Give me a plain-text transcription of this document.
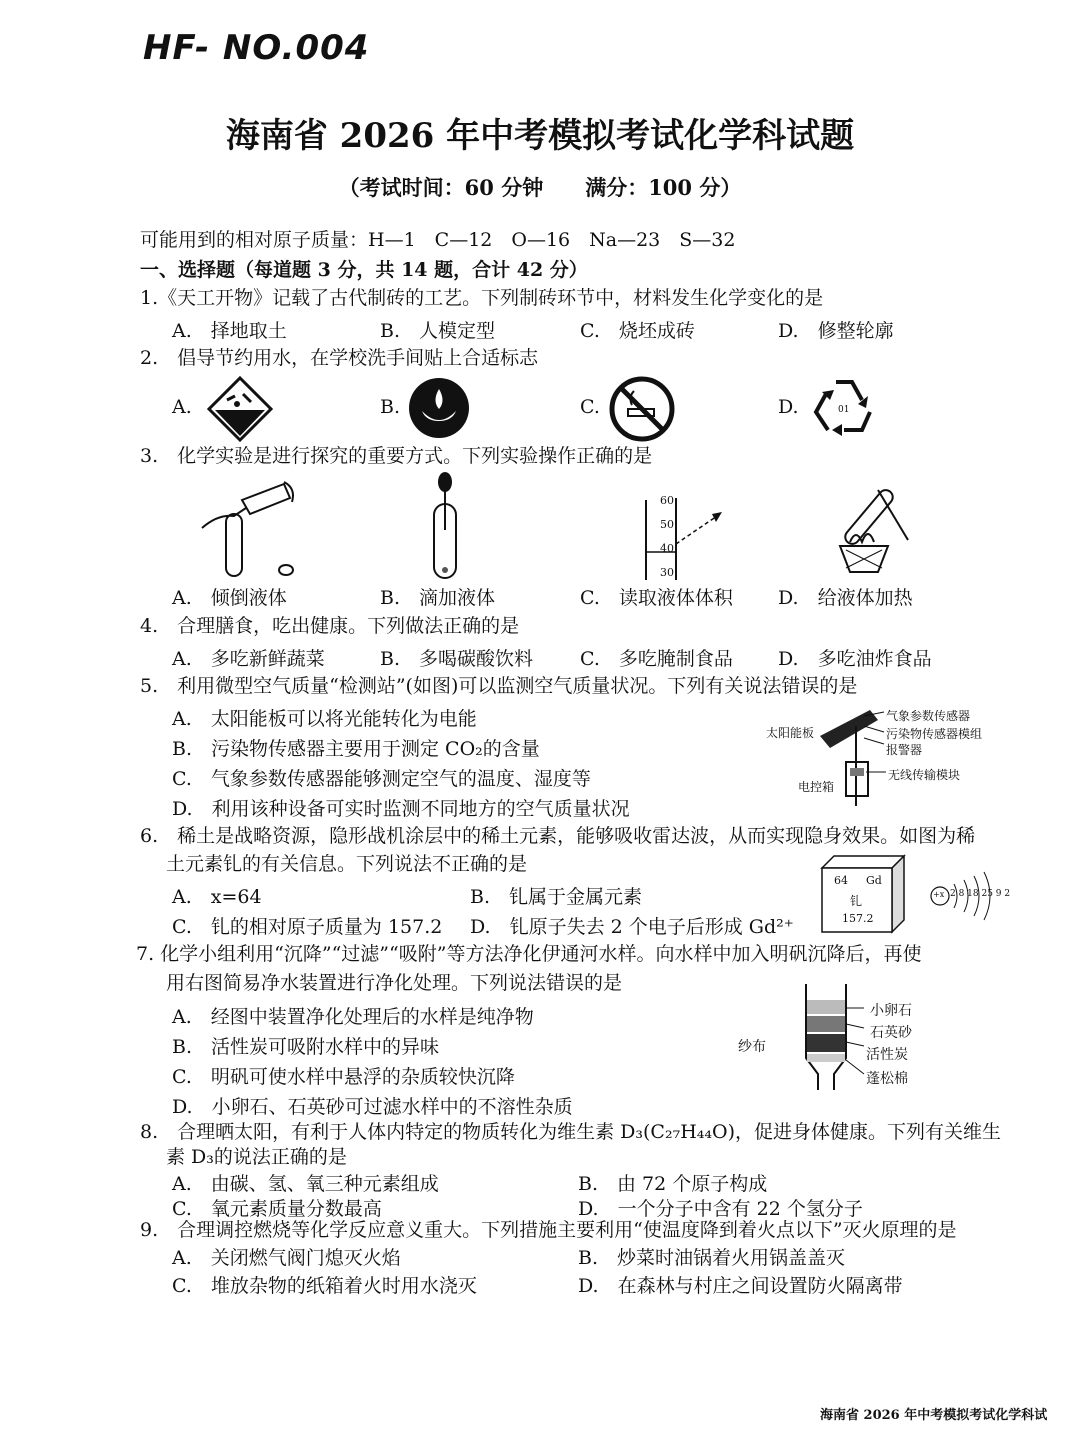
HF- NO.004
海南省 2026 年中考模拟考试化学科试题
（考试时间：60 分钟　　满分：100 分）
可能用到的相对原子质量：H—1　C—12　O—16　Na—23　S—32
一、选择题（每道题 3 分，共 14 题，合计 42 分）
1.《天工开物》记载了古代制砖的工艺。下列制砖环节中，材料发生化学变化的是
A.　择地取土	B.　人模定型	C.　烧坯成砖	D.　修整轮廓
2.　倡导节约用水，在学校洗手间贴上合适标志
A.	B.	C.	D.	01
3.　化学实验是进行探究的重要方式。下列实验操作正确的是
60
50
40
30
A.　倾倒液体	B.　滴加液体	C.　读取液体体积 D.　给液体加热
4.　合理膳食，吃出健康。下列做法正确的是
A.　多吃新鲜蔬菜	B.　多喝碳酸饮料 C.　多吃腌制食品 D.　多吃油炸食品
5.　利用微型空气质量“检测站”(如图)可以监测空气质量状况。下列有关说法错误的是
A.　太阳能板可以将光能转化为电能
B.　污染物传感器主要用于测定 CO₂的含量
C.　气象参数传感器能够测定空气的温度、湿度等
D.　利用该种设备可实时监测不同地方的空气质量状况
太阳能板
气象参数传感器
污染物传感器模组
报警器
无线传输模块
电控箱
6.　稀土是战略资源，隐形战机涂层中的稀土元素，能够吸收雷达波，从而实现隐身效果。如图为稀
土元素钆的有关信息。下列说法不正确的是
A.　x=64	B.　钆属于金属元素
C.　钆的相对原子质量为 157.2 D.　钆原子失去 2 个电子后形成 Gd²⁺
64 Gd
钆
157.2
+x 2 8 18 25 9 2
7. 化学小组利用“沉降”“过滤”“吸附”等方法净化伊通河水样。向水样中加入明矾沉降后，再使
用右图简易净水装置进行净化处理。下列说法错误的是
A.　经图中装置净化处理后的水样是纯净物
B.　活性炭可吸附水样中的异味
C.　明矾可使水样中悬浮的杂质较快沉降
D.　小卵石、石英砂可过滤水样中的不溶性杂质
小卵石
石英砂
活性炭
蓬松棉
纱布
8.　合理晒太阳，有利于人体内特定的物质转化为维生素 D₃(C₂₇H₄₄O)，促进身体健康。下列有关维生
素 D₃的说法正确的是
A.　由碳、氢、氧三种元素组成	B.　由 72 个原子构成
C.　氧元素质量分数最高	D.　一个分子中含有 22 个氢分子
9.　合理调控燃烧等化学反应意义重大。下列措施主要利用“使温度降到着火点以下”灭火原理的是
A.　关闭燃气阀门熄灭火焰	B.　炒菜时油锅着火用锅盖盖灭
C.　堆放杂物的纸箱着火时用水浇灭	D.　在森林与村庄之间设置防火隔离带
海南省 2026 年中考模拟考试化学科试
